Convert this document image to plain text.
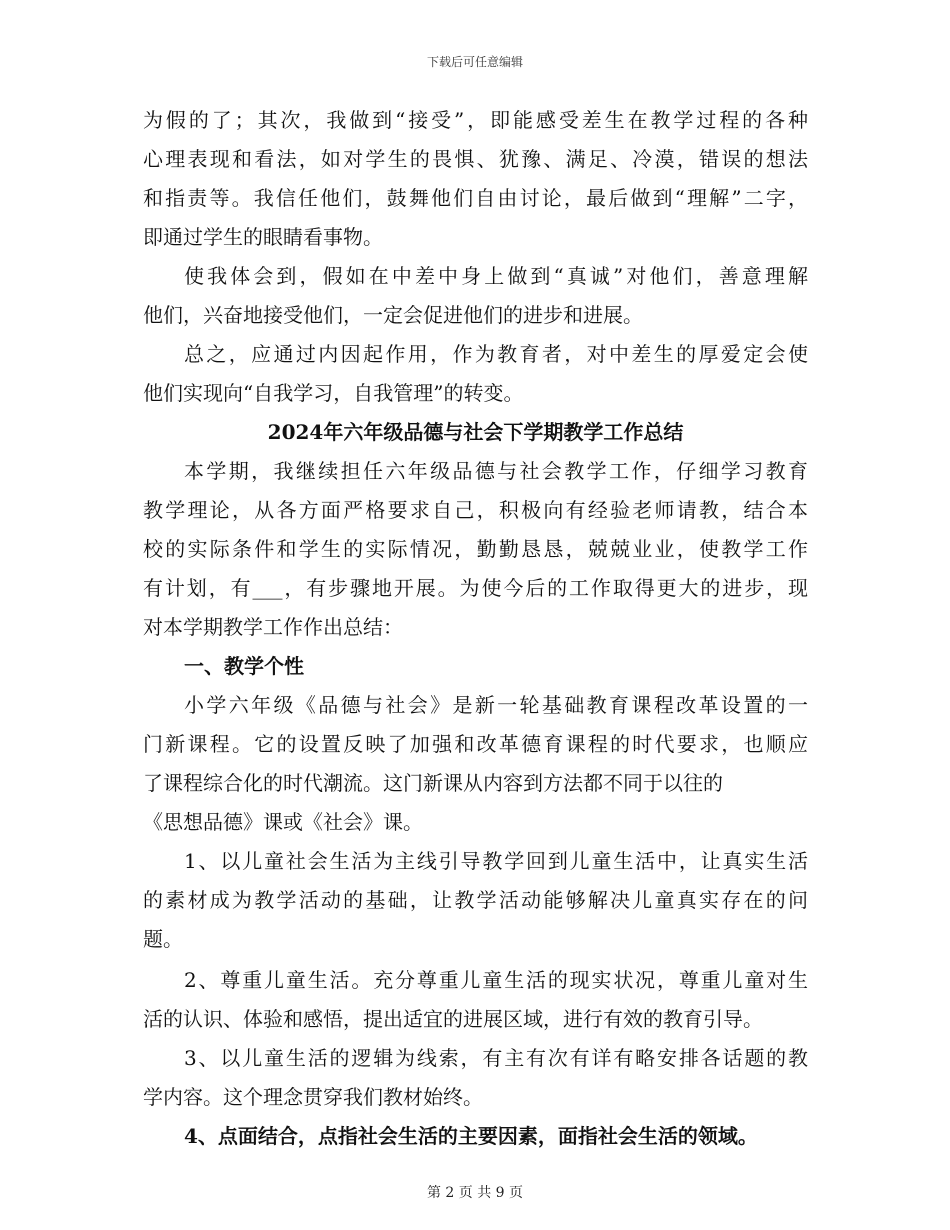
下载后可任意编辑
为假的了；其次，我做到“接受”，即能感受差生在教学过程的各种
心理表现和看法，如对学生的畏惧、犹豫、满足、冷漠，错误的想法
和指责等。我信任他们，鼓舞他们自由讨论，最后做到“理解”二字，
即通过学生的眼睛看事物。
使我体会到，假如在中差中身上做到“真诚”对他们，善意理解
他们，兴奋地接受他们，一定会促进他们的进步和进展。
总之，应通过内因起作用，作为教育者，对中差生的厚爱定会使
他们实现向“自我学习，自我管理”的转变。
2024年六年级品德与社会下学期教学工作总结
本学期，我继续担任六年级品德与社会教学工作，仔细学习教育
教学理论，从各方面严格要求自己，积极向有经验老师请教，结合本
校的实际条件和学生的实际情况，勤勤恳恳，兢兢业业，使教学工作
有计划，有___，有步骤地开展。为使今后的工作取得更大的进步，现
对本学期教学工作作出总结：
一、教学个性
小学六年级《品德与社会》是新一轮基础教育课程改革设置的一
门新课程。它的设置反映了加强和改革德育课程的时代要求，也顺应
了课程综合化的时代潮流。这门新课从内容到方法都不同于以往的
《思想品德》课或《社会》课。
1、以儿童社会生活为主线引导教学回到儿童生活中，让真实生活
的素材成为教学活动的基础，让教学活动能够解决儿童真实存在的问
题。
2、尊重儿童生活。充分尊重儿童生活的现实状况，尊重儿童对生
活的认识、体验和感悟，提出适宜的进展区域，进行有效的教育引导。
3、以儿童生活的逻辑为线索，有主有次有详有略安排各话题的教
学内容。这个理念贯穿我们教材始终。
4、点面结合，点指社会生活的主要因素，面指社会生活的领域。
第 2 页 共 9 页
